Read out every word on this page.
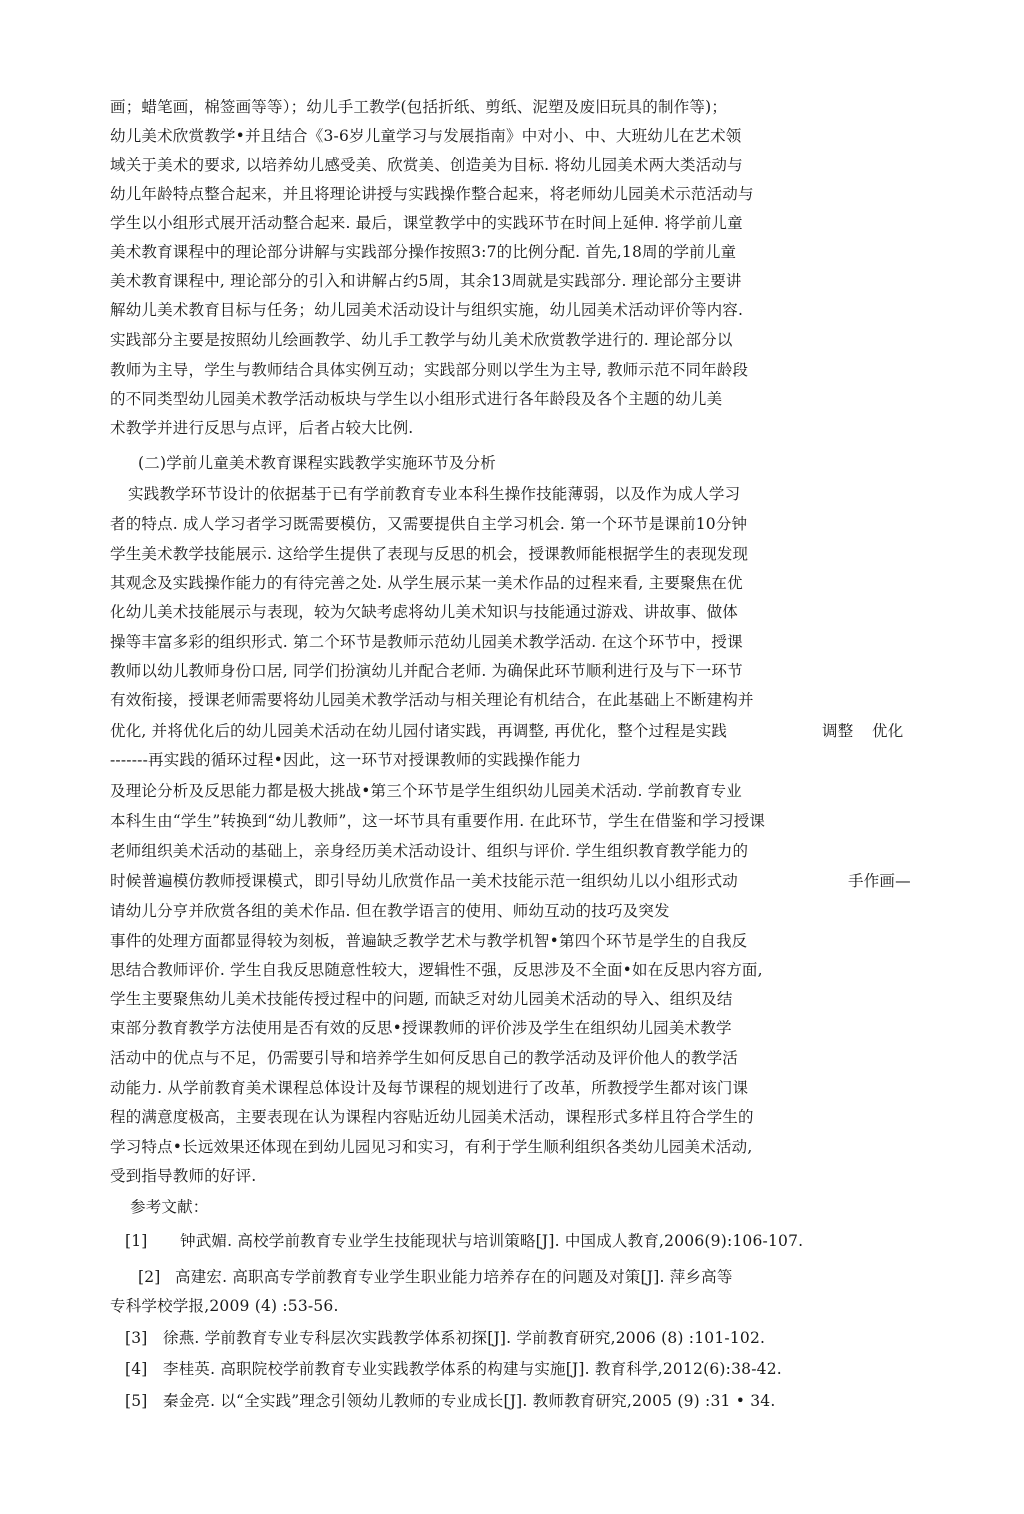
画；蜡笔画，棉签画等等）；幼儿手工教学(包括折纸、剪纸、泥塑及废旧玩具的制作等)；
幼儿美术欣赏教学•并且结合《3-6岁儿童学习与发展指南》中对小、中、大班幼儿在艺术领
域关于美术的要求, 以培养幼儿感受美、欣赏美、创造美为目标. 将幼儿园美术两大类活动与
幼儿年龄特点整合起来，并且将理论讲授与实践操作整合起来，将老师幼儿园美术示范活动与
学生以小组形式展开活动整合起来. 最后，课堂教学中的实践环节在时间上延伸. 将学前儿童
美术教育课程中的理论部分讲解与实践部分操作按照3:7的比例分配. 首先,18周的学前儿童
美术教育课程中, 理论部分的引入和讲解占约5周，其余13周就是实践部分. 理论部分主要讲
解幼儿美术教育目标与任务；幼儿园美术活动设计与组织实施，幼儿园美术活动评价等内容.
实践部分主要是按照幼儿绘画教学、幼儿手工教学与幼儿美术欣赏教学进行的. 理论部分以
教师为主导，学生与教师结合具体实例互动；实践部分则以学生为主导, 教师示范不同年龄段
的不同类型幼儿园美术教学活动板块与学生以小组形式进行各年龄段及各个主题的幼儿美
术教学并进行反思与点评，后者占较大比例.
(二)学前儿童美术教育课程实践教学实施环节及分析
实践教学环节设计的依据基于已有学前教育专业本科生操作技能薄弱，以及作为成人学习
者的特点. 成人学习者学习既需要模仿，又需要提供自主学习机会. 第一个环节是课前10分钟
学生美术教学技能展示. 这给学生提供了表现与反思的机会，授课教师能根据学生的表现发现
其观念及实践操作能力的有待完善之处. 从学生展示某一美术作品的过程来看, 主要聚焦在优
化幼儿美术技能展示与表现，较为欠缺考虑将幼儿美术知识与技能通过游戏、讲故事、做体
操等丰富多彩的组织形式. 第二个环节是教师示范幼儿园美术教学活动. 在这个环节中，授课
教师以幼儿教师身份口居, 同学们扮演幼儿并配合老师. 为确保此环节顺利进行及与下一环节
有效衔接，授课老师需要将幼儿园美术教学活动与相关理论有机结合，在此基础上不断建构并
优化, 并将优化后的幼儿园美术活动在幼儿园付诸实践，再调整, 再优化，整个过程是实践	调整 优化
-------再实践的循环过程•因此，这一环节对授课教师的实践操作能力
及理论分析及反思能力都是极大挑战•第三个环节是学生组织幼儿园美术活动. 学前教育专业
本科生由“学生”转换到“幼儿教师”，这一坏节具有重要作用. 在此环节，学生在借鉴和学习授课
老师组织美术活动的基础上，亲身经历美术活动设计、组织与评价. 学生组织教育教学能力的
时候普遍模仿教师授课模式，即引导幼儿欣赏作品一美术技能示范一组织幼儿以小组形式动	手作画—
请幼儿分亨并欣赏各组的美术作品. 但在教学语言的使用、师幼互动的技巧及突发
事件的处理方面都显得较为刻板，普遍缺乏教学艺术与教学机智•第四个环节是学生的自我反
思结合教师评价. 学生自我反思随意性较大，逻辑性不强，反思涉及不全面•如在反思内容方面,
学生主要聚焦幼儿美术技能传授过程中的问题, 而缺乏对幼儿园美术活动的导入、组织及结
束部分教育教学方法使用是否有效的反思•授课教师的评价涉及学生在组织幼儿园美术教学
活动中的优点与不足，仍需要引导和培养学生如何反思自己的教学活动及评价他人的教学活
动能力. 从学前教育美术课程总体设计及每节课程的规划进行了改革，所教授学生都对该门课
程的满意度极高，主要表现在认为课程内容贴近幼儿园美术活动，课程形式多样且符合学生的
学习特点•长远效果还体现在到幼儿园见习和实习，有利于学生顺利组织各类幼儿园美术活动,
受到指导教师的好评.
参考文献：
[1] 钟武媚. 高校学前教育专业学生技能现状与培训策略[J]. 中国成人教育,2006(9):106-107.
[2] 高建宏. 高职高专学前教育专业学生职业能力培养存在的问题及对策[J]. 萍乡高等
专科学校学报,2009 (4) :53-56.
[3] 徐燕. 学前教育专业专科层次实践教学体系初探[J]. 学前教育研究,2006 (8) :101-102.
[4] 李桂英. 高职院校学前教育专业实践教学体系的构建与实施[J]. 教育科学,2012(6):38-42.
[5] 秦金亮. 以“全实践”理念引领幼儿教师的专业成长[J]. 教师教育研究,2005 (9) :31 • 34.
